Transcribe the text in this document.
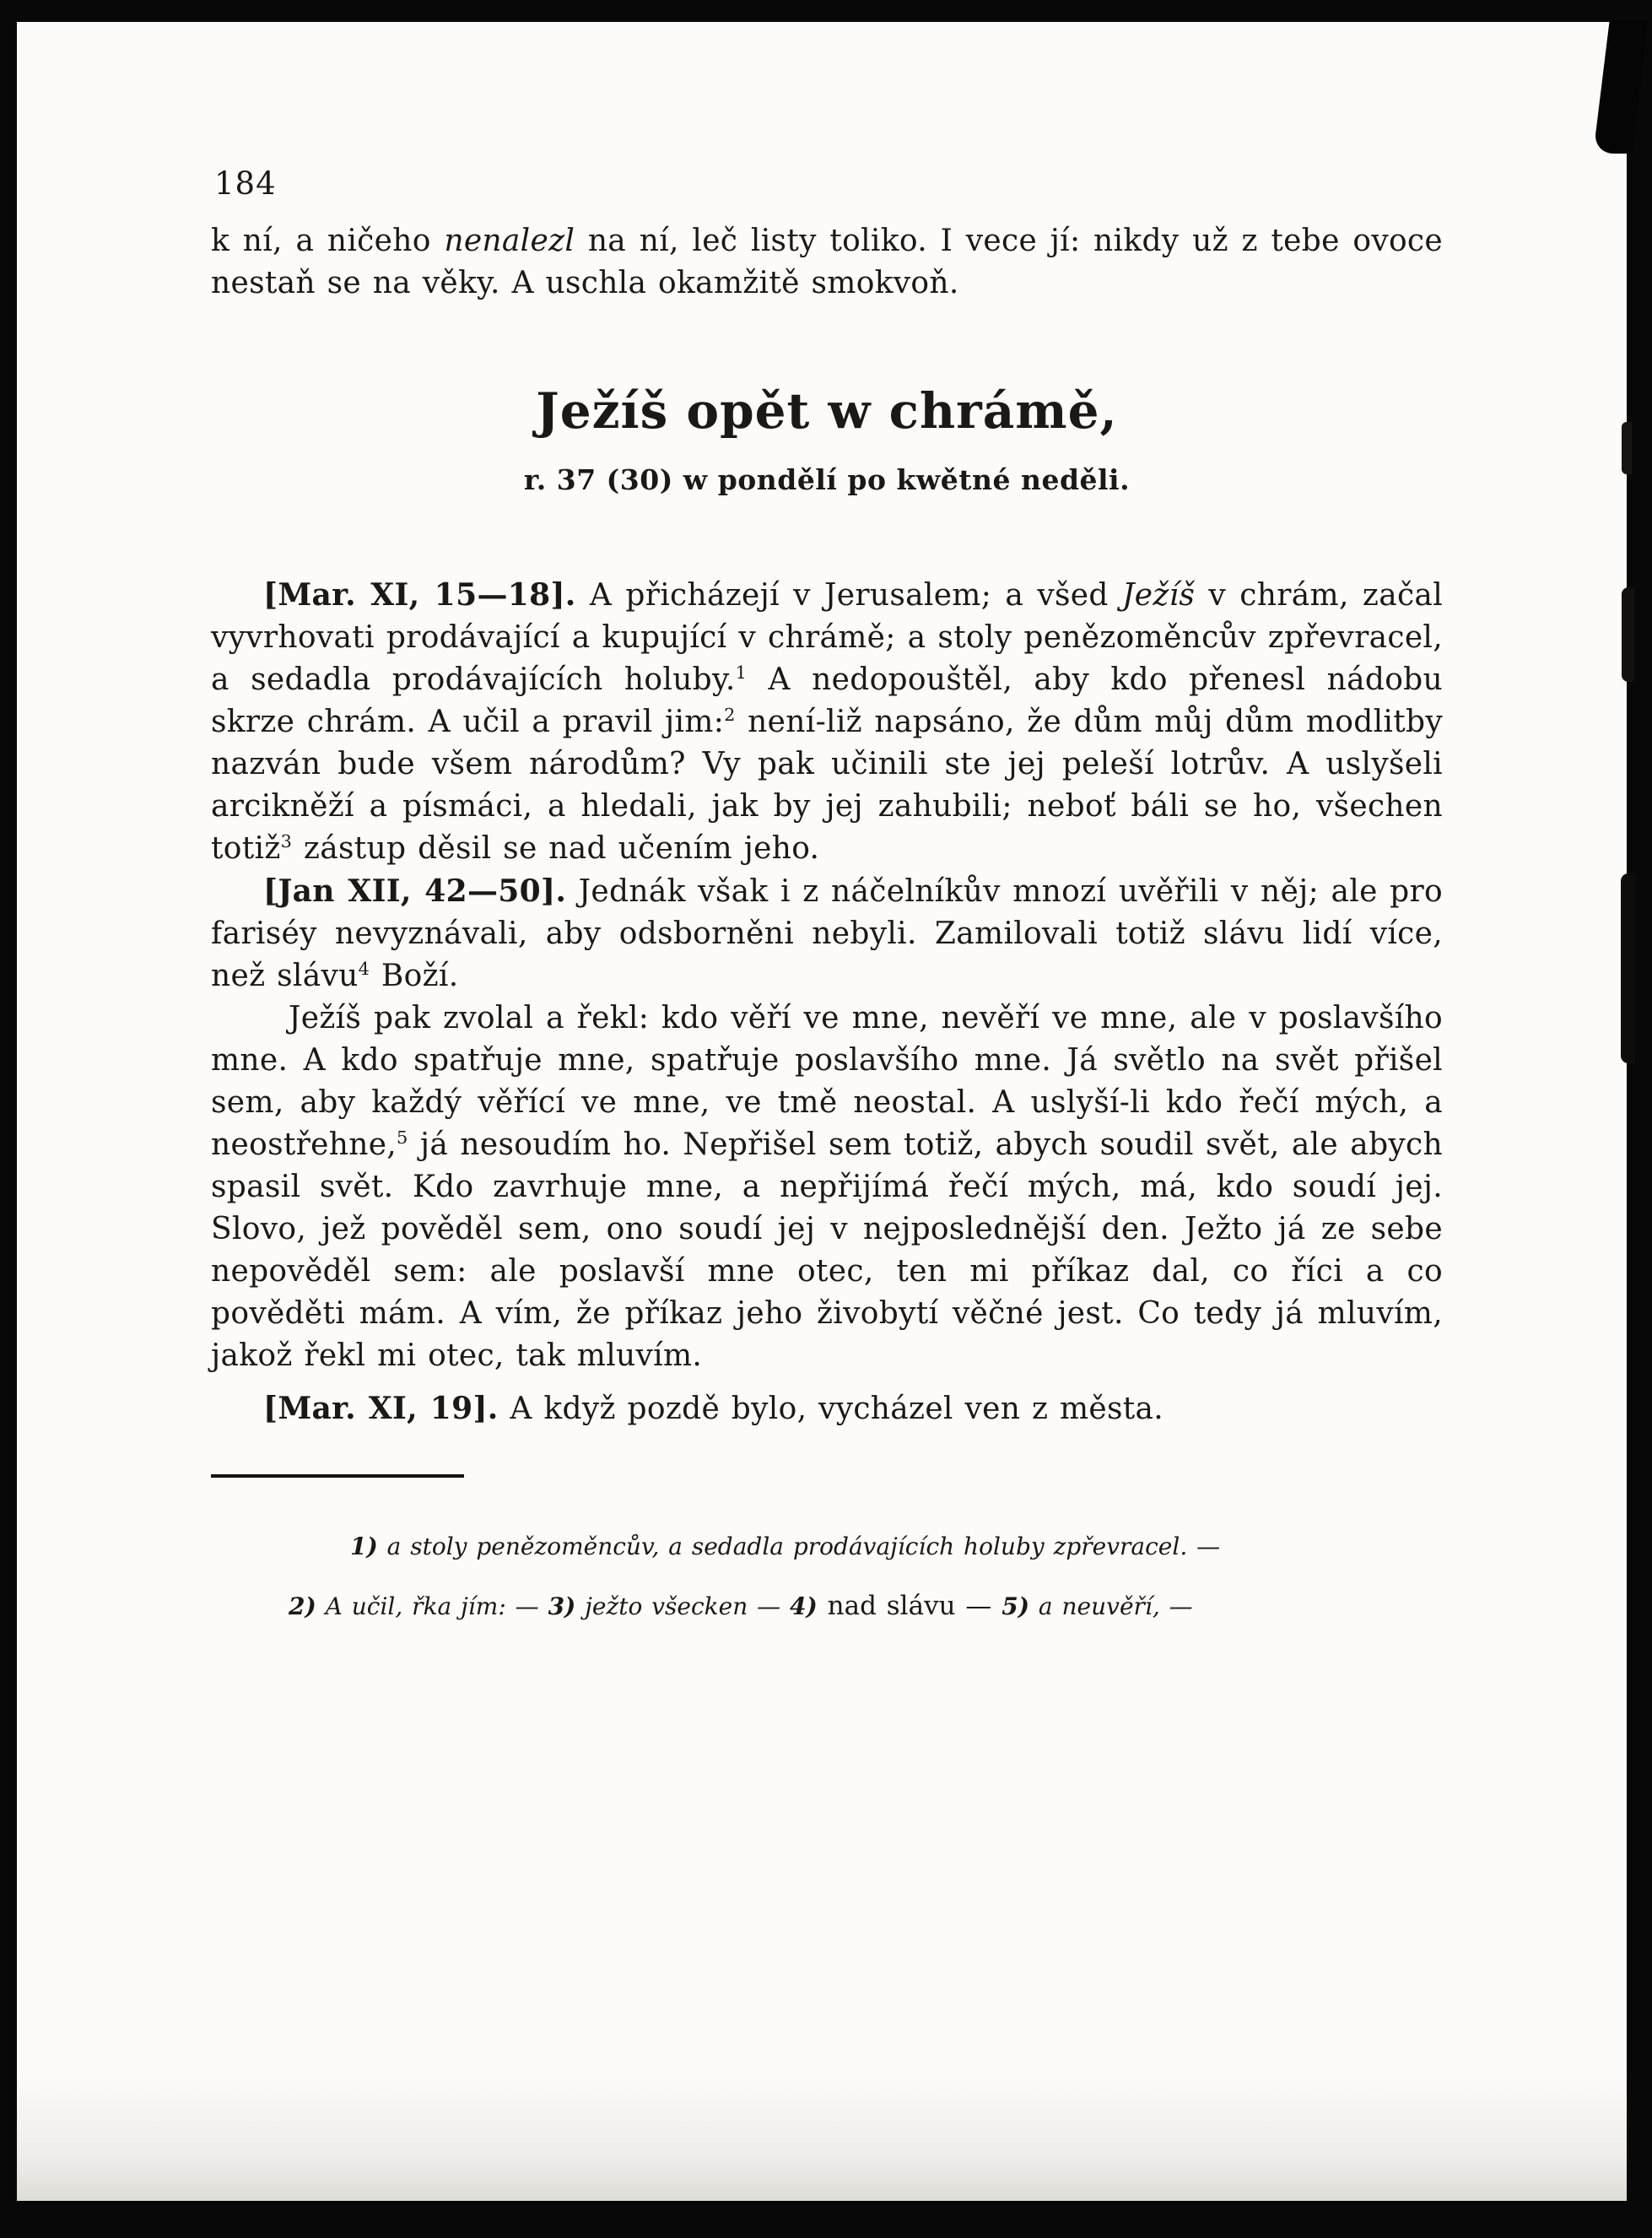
184

k ní, a ničeho nenalezl na ní, leč listy toliko. I vece jí: nikdy už z tebe ovoce nestaň se na věky. A uschla okamžitě smokvoň.

Ježíš opět w chrámě,
r. 37 (30) w pondělí po kwětné neděli.

[Mar. XI, 15—18]. A přicházejí v Jerusalem; a všed Ježíš v chrám, začal vyvrhovati prodávající a kupující v chrámě; a stoly penězoměncův zpřevracel, a sedadla prodávajících holuby.$^1$ A nedopouštěl, aby kdo přenesl nádobu skrze chrám. A učil a pravil jim:$^2$ není-liž napsáno, že dům můj dům modlitby nazván bude všem národům? Vy pak učinili ste jej peleší lotrův. A uslyšeli arcikněží a písmáci, a hledali, jak by jej zahubili; neboť báli se ho, všechen totiž$^3$ zástup děsil se nad učením jeho.

[Jan XII, 42—50]. Jednák však i z náčelníkův mnozí uvěřili v něj; ale pro fariséy nevyznávali, aby odsborněni nebyli. Zamilovali totiž slávu lidí více, než slávu$^4$ Boží.

Ježíš pak zvolal a řekl: kdo věří ve mne, nevěří ve mne, ale v poslavšího mne. A kdo spatřuje mne, spatřuje poslavšího mne. Já světlo na svět přišel sem, aby každý věřící ve mne, ve tmě neostal. A uslyší-li kdo řečí mých, a neostřehne,$^5$ já nesoudím ho. Nepřišel sem totiž, abych soudil svět, ale abych spasil svět. Kdo zavrhuje mne, a nepřijímá řečí mých, má, kdo soudí jej. Slovo, jež pověděl sem, ono soudí jej v nejposlednější den. Ježto já ze sebe nepověděl sem: ale poslavší mne otec, ten mi příkaz dal, co říci a co pověděti mám. A vím, že příkaz jeho živobytí věčné jest. Co tedy já mluvím, jakož řekl mi otec, tak mluvím.

[Mar. XI, 19]. A když pozdě bylo, vycházel ven z města.

1) a stoly penězoměncův, a sedadla prodávajících holuby zpřevracel. —

2) A učil, řka jím: — 3) ježto všecken — 4) nad slávu — 5) a neuvěří, —
